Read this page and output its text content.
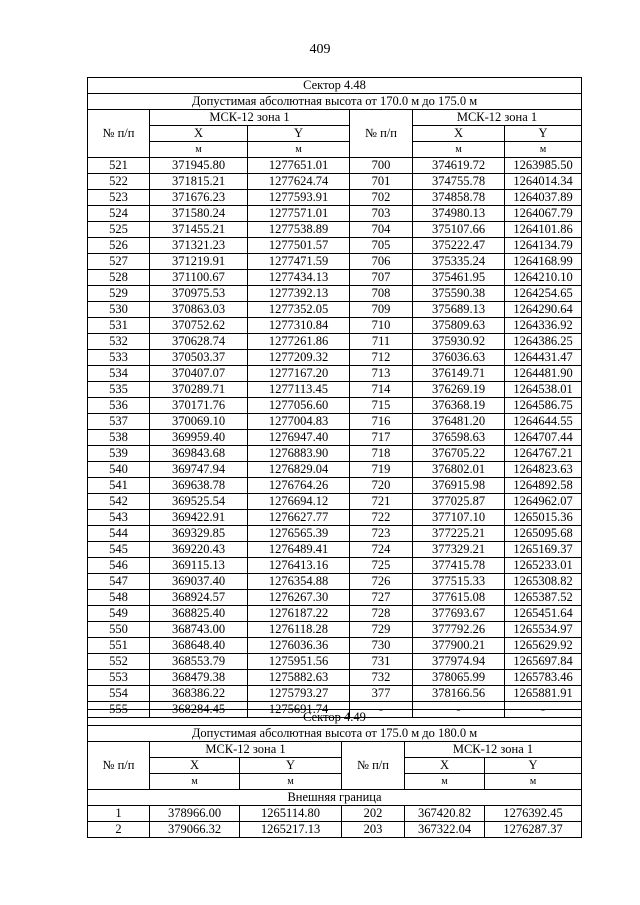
409
Сектор 4.48					
Допустимая абсолютная высота от 170.0 м до 175.0 м					
№ п/п	МСК-12 зона 1		№ п/п	МСК-12 зона 1	
	X	Y		X	Y
	м	м		м	м
521	371945.80	1277651.01	700	374619.72	1263985.50
522	371815.21	1277624.74	701	374755.78	1264014.34
523	371676.23	1277593.91	702	374858.78	1264037.89
524	371580.24	1277571.01	703	374980.13	1264067.79
525	371455.21	1277538.89	704	375107.66	1264101.86
526	371321.23	1277501.57	705	375222.47	1264134.79
527	371219.91	1277471.59	706	375335.24	1264168.99
528	371100.67	1277434.13	707	375461.95	1264210.10
529	370975.53	1277392.13	708	375590.38	1264254.65
530	370863.03	1277352.05	709	375689.13	1264290.64
531	370752.62	1277310.84	710	375809.63	1264336.92
532	370628.74	1277261.86	711	375930.92	1264386.25
533	370503.37	1277209.32	712	376036.63	1264431.47
534	370407.07	1277167.20	713	376149.71	1264481.90
535	370289.71	1277113.45	714	376269.19	1264538.01
536	370171.76	1277056.60	715	376368.19	1264586.75
537	370069.10	1277004.83	716	376481.20	1264644.55
538	369959.40	1276947.40	717	376598.63	1264707.44
539	369843.68	1276883.90	718	376705.22	1264767.21
540	369747.94	1276829.04	719	376802.01	1264823.63
541	369638.78	1276764.26	720	376915.98	1264892.58
542	369525.54	1276694.12	721	377025.87	1264962.07
543	369422.91	1276627.77	722	377107.10	1265015.36
544	369329.85	1276565.39	723	377225.21	1265095.68
545	369220.43	1276489.41	724	377329.21	1265169.37
546	369115.13	1276413.16	725	377415.78	1265233.01
547	369037.40	1276354.88	726	377515.33	1265308.82
548	368924.57	1276267.30	727	377615.08	1265387.52
549	368825.40	1276187.22	728	377693.67	1265451.64
550	368743.00	1276118.28	729	377792.26	1265534.97
551	368648.40	1276036.36	730	377900.21	1265629.92
552	368553.79	1275951.56	731	377974.94	1265697.84
553	368479.38	1275882.63	732	378065.99	1265783.46
554	368386.22	1275793.27	377	378166.56	1265881.91
555	368284.45	1275691.74	-	-	-
Сектор 4.49					
Допустимая абсолютная высота от 175.0 м до 180.0 м					
№ п/п	МСК-12 зона 1		№ п/п	МСК-12 зона 1	
	X	Y		X	Y
	м	м		м	м
Внешняя граница					
1	378966.00	1265114.80	202	367420.82	1276392.45
2	379066.32	1265217.13	203	367322.04	1276287.37
